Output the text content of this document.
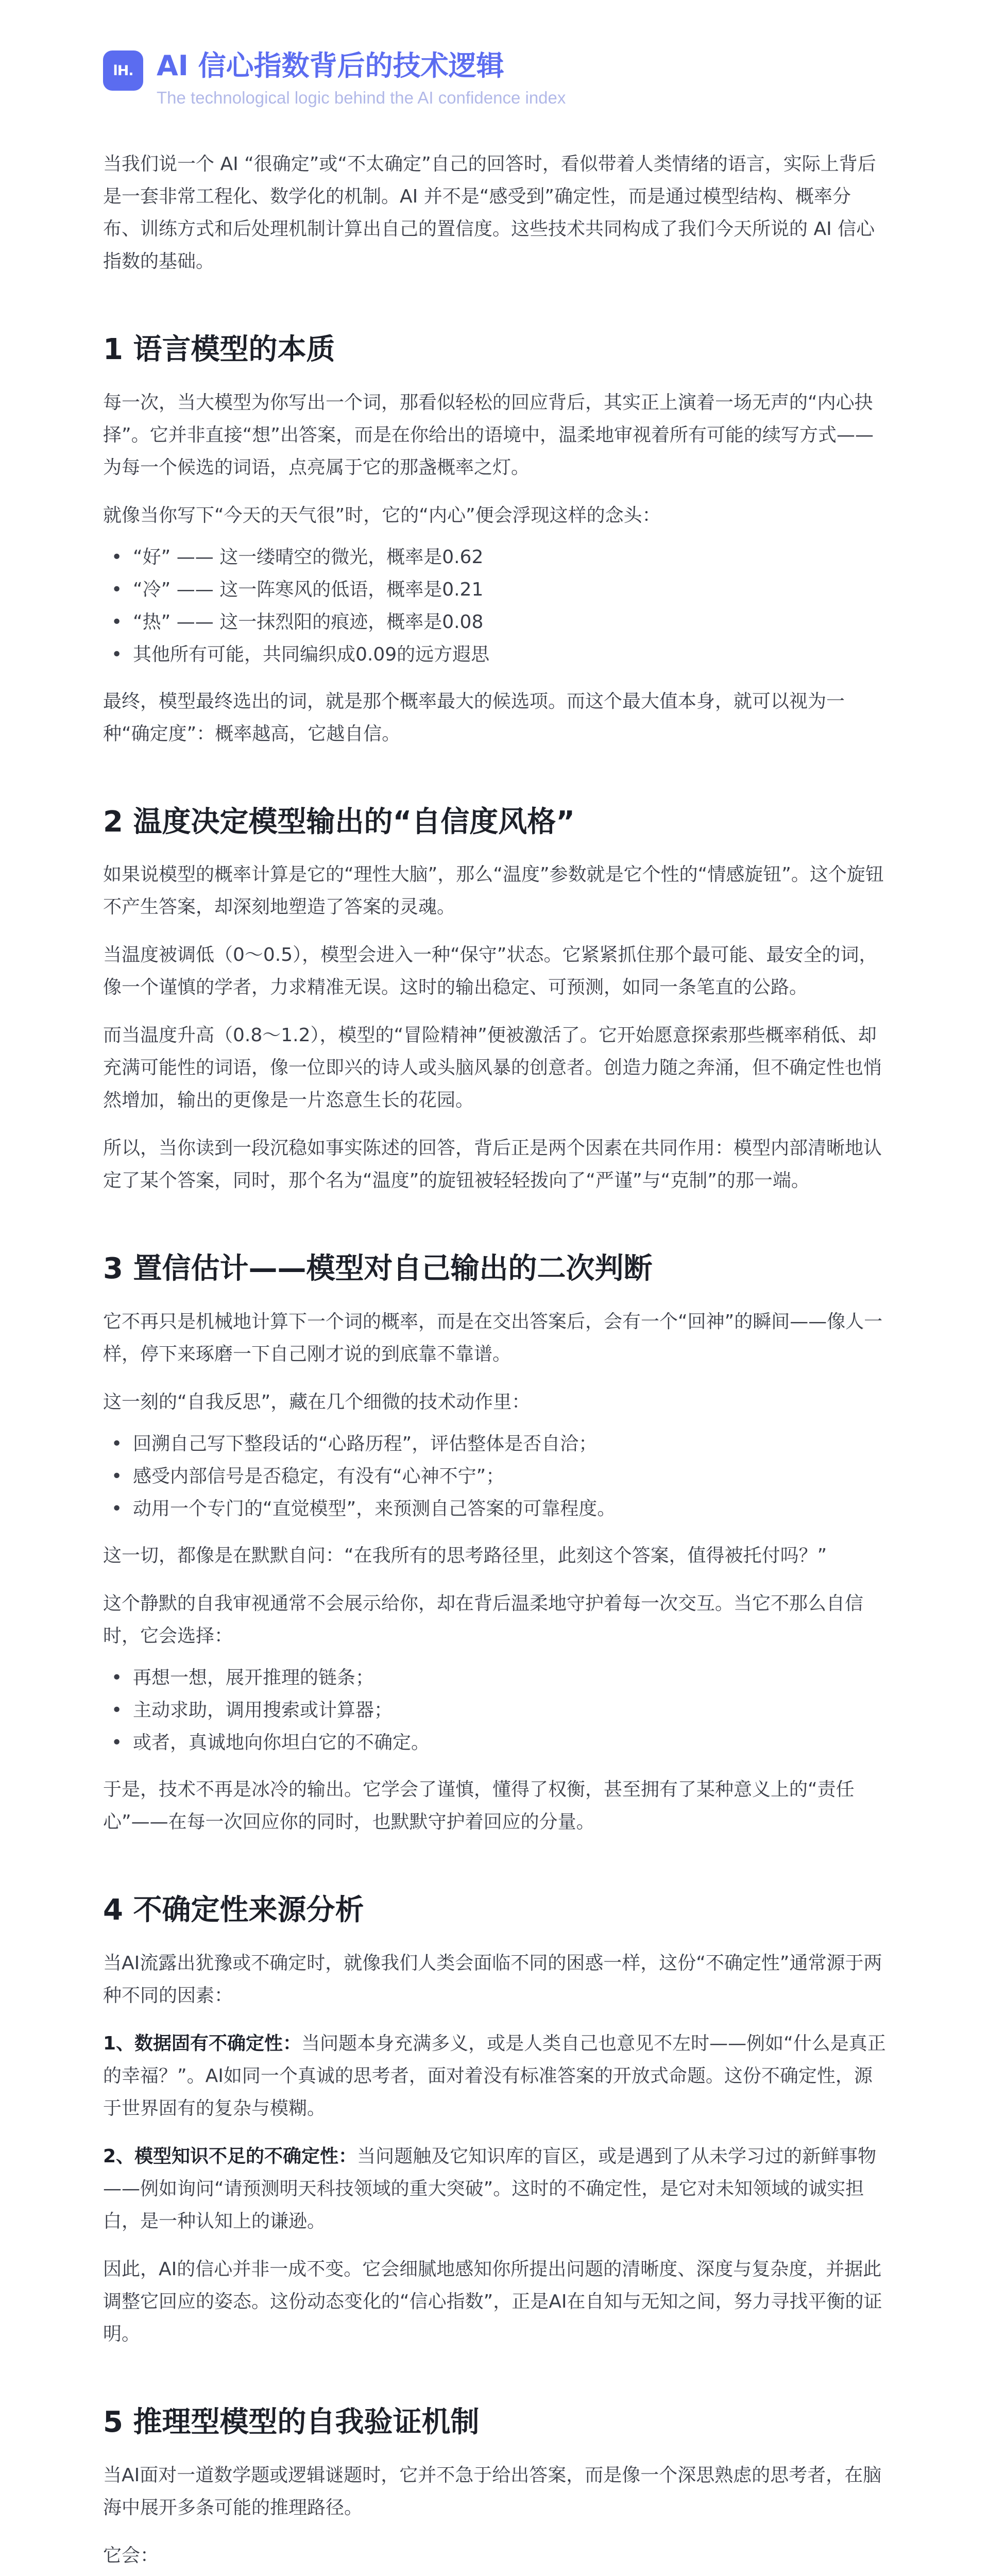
lH. AI 信心指数背后的技术逻辑
The technological logic behind the AI confidence index

当我们说一个 AI “很确定”或“不太确定”自己的回答时，看似带着人类情绪的语言，实际上背后是一套非常工程化、数学化的机制。AI 并不是“感受到”确定性，而是通过模型结构、概率分布、训练方式和后处理机制计算出自己的置信度。这些技术共同构成了我们今天所说的 AI 信心指数的基础。

1 语言模型的本质

每一次，当大模型为你写出一个词，那看似轻松的回应背后，其实正上演着一场无声的“内心抉择”。它并非直接“想”出答案，而是在你给出的语境中，温柔地审视着所有可能的续写方式——为每一个候选的词语，点亮属于它的那盏概率之灯。

就像当你写下“今天的天气很”时，它的“内心”便会浮现这样的念头：

• “好” —— 这一缕晴空的微光，概率是0.62
• “冷” —— 这一阵寒风的低语，概率是0.21
• “热” —— 这一抹烈阳的痕迹，概率是0.08
• 其他所有可能，共同编织成0.09的远方遐思

最终，模型最终选出的词，就是那个概率最大的候选项。而这个最大值本身，就可以视为一种“确定度”：概率越高，它越自信。

2 温度决定模型输出的“自信度风格”

如果说模型的概率计算是它的“理性大脑”，那么“温度”参数就是它个性的“情感旋钮”。这个旋钮不产生答案，却深刻地塑造了答案的灵魂。

当温度被调低（0～0.5），模型会进入一种“保守”状态。它紧紧抓住那个最可能、最安全的词，像一个谨慎的学者，力求精准无误。这时的输出稳定、可预测，如同一条笔直的公路。

而当温度升高（0.8～1.2），模型的“冒险精神”便被激活了。它开始愿意探索那些概率稍低、却充满可能性的词语，像一位即兴的诗人或头脑风暴的创意者。创造力随之奔涌，但不确定性也悄然增加，输出的更像是一片恣意生长的花园。

所以，当你读到一段沉稳如事实陈述的回答，背后正是两个因素在共同作用：模型内部清晰地认定了某个答案，同时，那个名为“温度”的旋钮被轻轻拨向了“严谨”与“克制”的那一端。

3 置信估计——模型对自己输出的二次判断

它不再只是机械地计算下一个词的概率，而是在交出答案后，会有一个“回神”的瞬间——像人一样，停下来琢磨一下自己刚才说的到底靠不靠谱。

这一刻的“自我反思”，藏在几个细微的技术动作里：

• 回溯自己写下整段话的“心路历程”，评估整体是否自洽；
• 感受内部信号是否稳定，有没有“心神不宁”；
• 动用一个专门的“直觉模型”，来预测自己答案的可靠程度。

这一切，都像是在默默自问：“在我所有的思考路径里，此刻这个答案，值得被托付吗？”

这个静默的自我审视通常不会展示给你，却在背后温柔地守护着每一次交互。当它不那么自信时，它会选择：

• 再想一想，展开推理的链条；
• 主动求助，调用搜索或计算器；
• 或者，真诚地向你坦白它的不确定。

于是，技术不再是冰冷的输出。它学会了谨慎，懂得了权衡，甚至拥有了某种意义上的“责任心”——在每一次回应你的同时，也默默守护着回应的分量。

4 不确定性来源分析

当AI流露出犹豫或不确定时，就像我们人类会面临不同的困惑一样，这份“不确定性”通常源于两种不同的因素：

1、数据固有不确定性：当问题本身充满多义，或是人类自己也意见不左时——例如“什么是真正的幸福？”。AI如同一个真诚的思考者，面对着没有标准答案的开放式命题。这份不确定性，源于世界固有的复杂与模糊。

2、模型知识不足的不确定性：当问题触及它知识库的盲区，或是遇到了从未学习过的新鲜事物——例如询问“请预测明天科技领域的重大突破”。这时的不确定性，是它对未知领域的诚实担白，是一种认知上的谦逊。

因此，AI的信心并非一成不变。它会细腻地感知你所提出问题的清晰度、深度与复杂度，并据此调整它回应的姿态。这份动态变化的“信心指数”，正是AI在自知与无知之间，努力寻找平衡的证明。

5 推理型模型的自我验证机制

当AI面对一道数学题或逻辑谜题时，它并不急于给出答案，而是像一个深思熟虑的思考者，在脑海中展开多条可能的推理路径。

它会：
